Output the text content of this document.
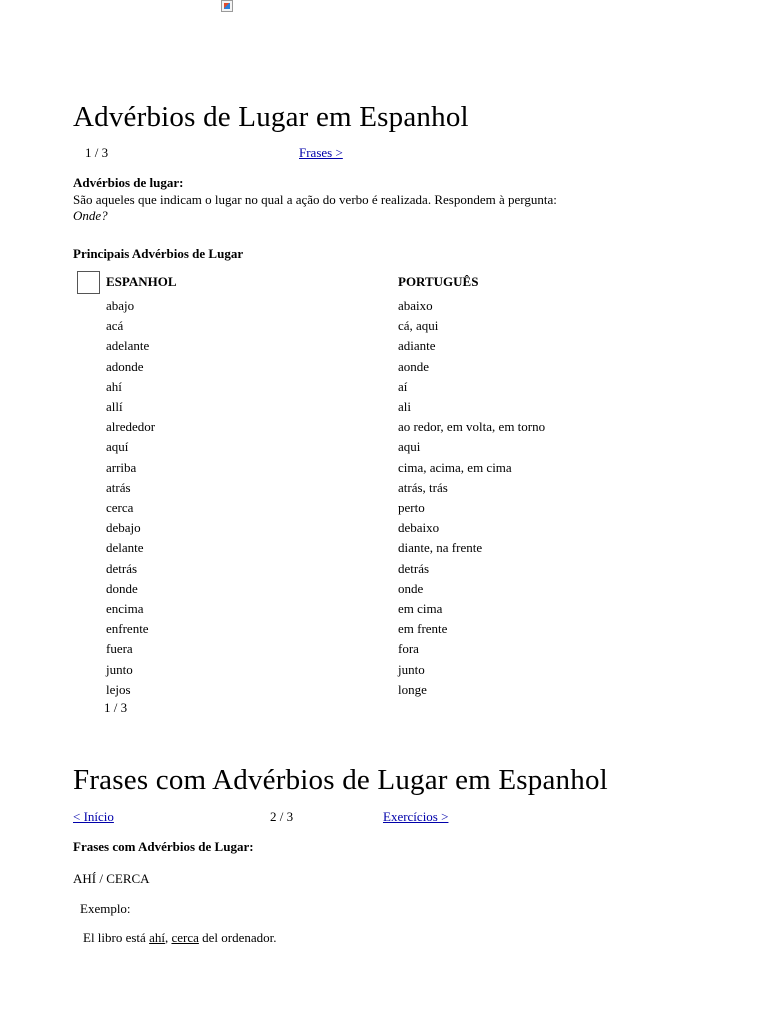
Advérbios de Lugar em Espanhol
1 / 3	Frases >
Advérbios de lugar:
São aqueles que indicam o lugar no qual a ação do verbo é realizada. Respondem à pergunta:
Onde?
Principais Advérbios de Lugar
ESPANHOL	PORTUGUÊS
abajo	abaixo
acá	cá, aqui
adelante	adiante
adonde	aonde
ahí	aí
allí	ali
alrededor	ao redor, em volta, em torno
aquí	aqui
arriba	cima, acima, em cima
atrás	atrás, trás
cerca	perto
debajo	debaixo
delante	diante, na frente
detrás	detrás
donde	onde
encima	em cima
enfrente	em frente
fuera	fora
junto	junto
lejos	longe
1 / 3
Frases com Advérbios de Lugar em Espanhol
< Início	2 / 3	Exercícios >
Frases com Advérbios de Lugar:
AHÍ / CERCA
Exemplo:
El libro está ahí, cerca del ordenador.
